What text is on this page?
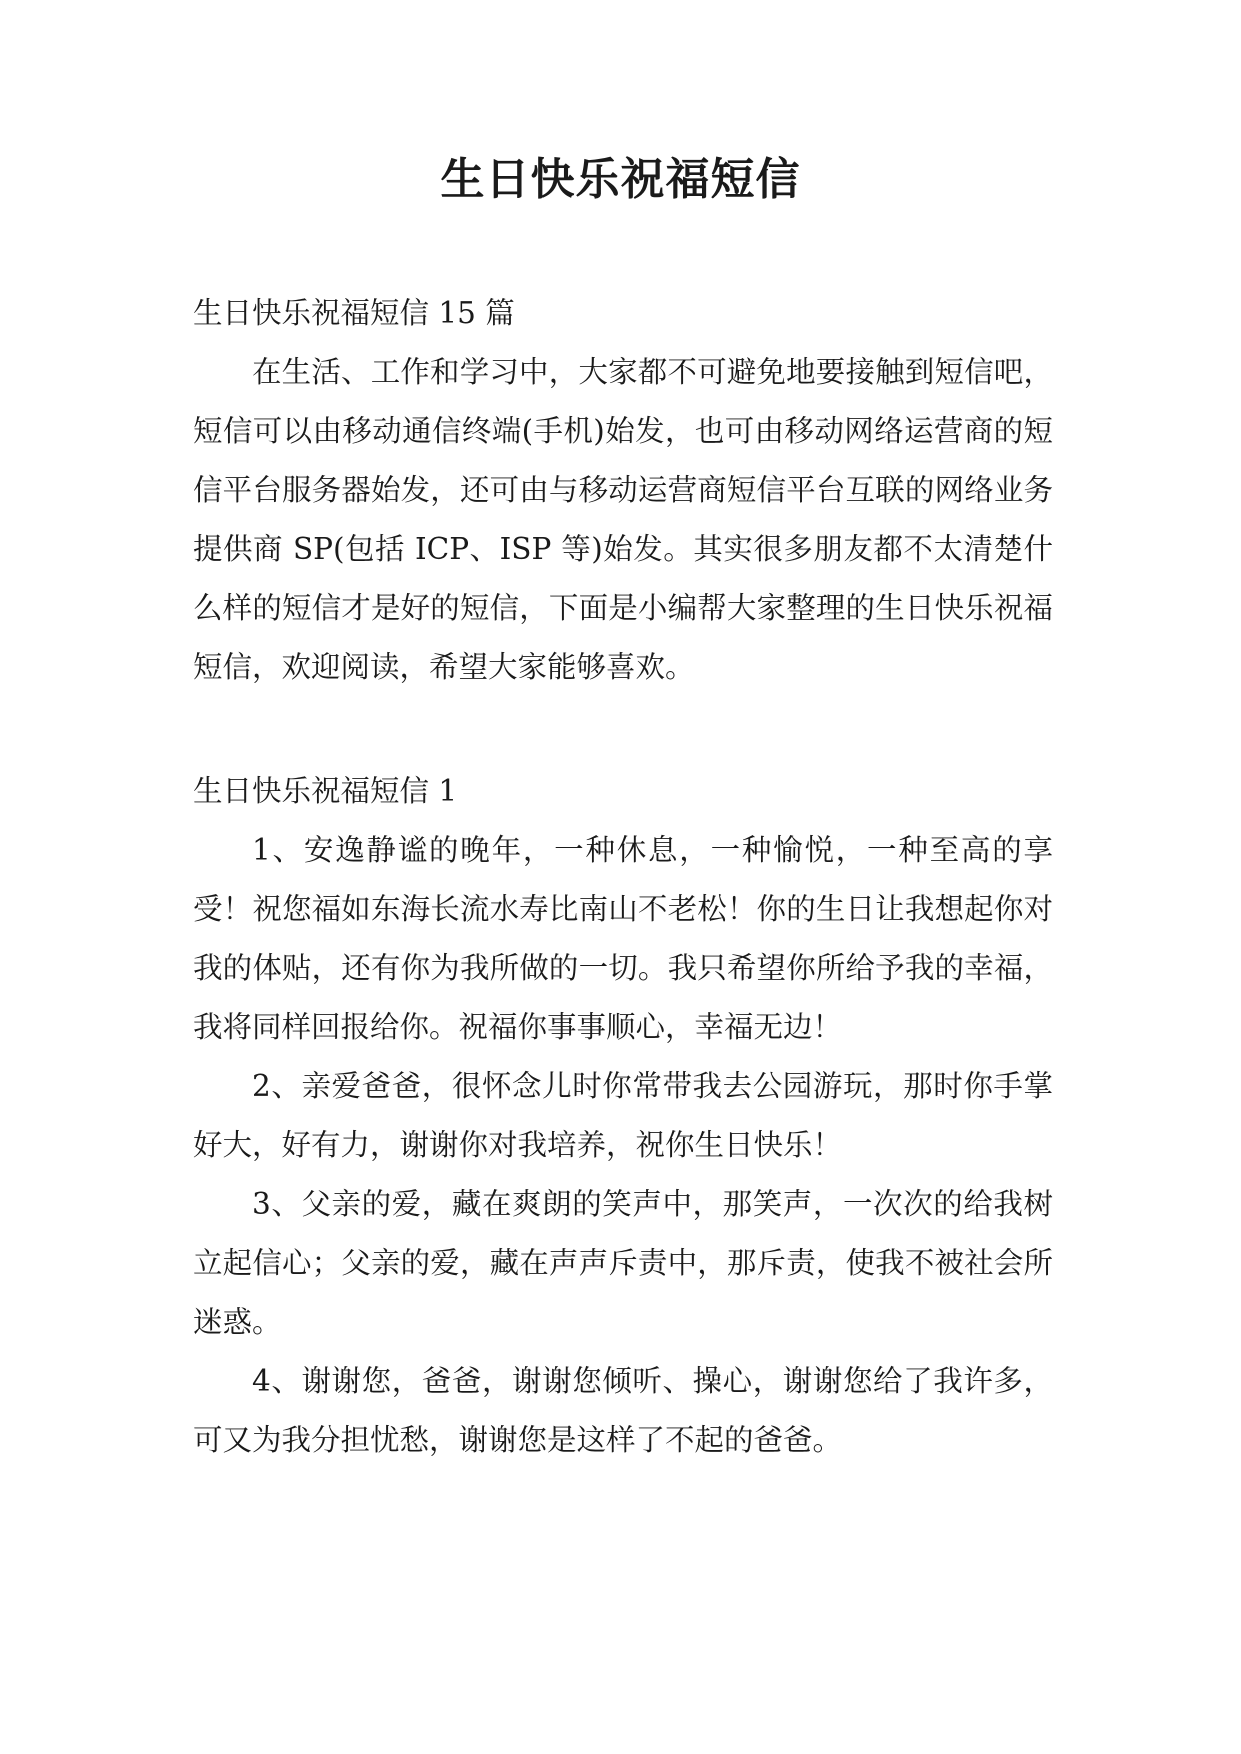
生日快乐祝福短信

生日快乐祝福短信 15 篇

在生活、工作和学习中，大家都不可避免地要接触到短信吧，短信可以由移动通信终端(手机)始发，也可由移动网络运营商的短信平台服务器始发，还可由与移动运营商短信平台互联的网络业务提供商 SP(包括 ICP、ISP 等)始发。其实很多朋友都不太清楚什么样的短信才是好的短信，下面是小编帮大家整理的生日快乐祝福短信，欢迎阅读，希望大家能够喜欢。

生日快乐祝福短信 1

1、安逸静谧的晚年，一种休息，一种愉悦，一种至高的享受！祝您福如东海长流水寿比南山不老松！你的生日让我想起你对我的体贴，还有你为我所做的一切。我只希望你所给予我的幸福，我将同样回报给你。祝福你事事顺心，幸福无边！

2、亲爱爸爸，很怀念儿时你常带我去公园游玩，那时你手掌好大，好有力，谢谢你对我培养，祝你生日快乐！

3、父亲的爱，藏在爽朗的笑声中，那笑声，一次次的给我树立起信心；父亲的爱，藏在声声斥责中，那斥责，使我不被社会所迷惑。

4、谢谢您，爸爸，谢谢您倾听、操心，谢谢您给了我许多，可又为我分担忧愁，谢谢您是这样了不起的爸爸。
